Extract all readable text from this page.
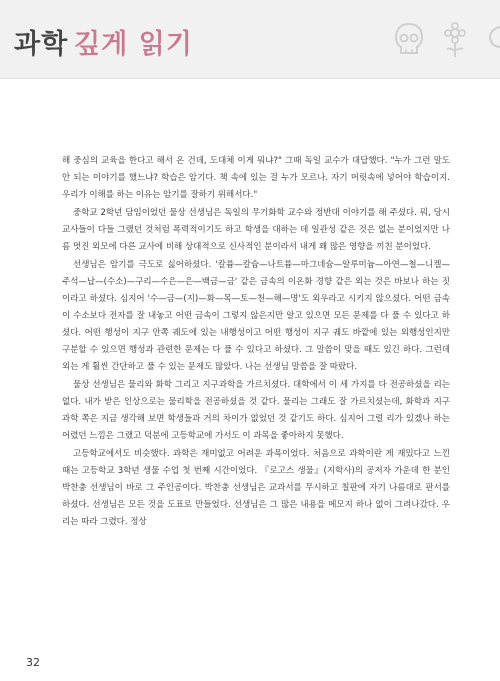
과학 깊게 읽기

해 중심의 교육을 한다고 해서 온 건데, 도대체 이게 뭐냐?" 그때 독일 교수가 대답했다. "누가 그런 말도 안 되는 이야기를 했느냐? 학습은 암기다. 책 속에 있는 걸 누가 모르나. 자기 머릿속에 넣어야 학습이지. 우리가 이해를 하는 이유는 암기를 잘하기 위해서다."

중학교 2학년 담임이었던 물상 선생님은 독일의 무기화학 교수와 정반대 이야기를 해 주셨다. 뭐, 당시 교사들이 다들 그랬던 것처럼 폭력적이기도 하고 학생을 대하는 데 일관성 같은 것은 없는 분이었지만 나름 멋진 외모에 다른 교사에 비해 상대적으로 신사적인 분이라서 내게 꽤 많은 영향을 끼친 분이었다.

선생님은 암기를 극도로 싫어하셨다. '칼륨—칼슘—나트륨—마그네슘—알루미늄—아연—철—니켈—주석—납—(수소)—구리—수은—은—백금—금' 같은 금속의 이온화 경향 같은 외는 것은 바보나 하는 짓이라고 하셨다. 심지어 '수—금—(지)—화—목—토—천—해—명'도 외우라고 시키지 않으셨다. 어떤 금속이 수소보다 전자를 잘 내놓고 어떤 금속이 그렇지 않은지만 알고 있으면 모든 문제를 다 풀 수 있다고 하셨다. 어떤 행성이 지구 안쪽 궤도에 있는 내행성이고 어떤 행성이 지구 궤도 바깥에 있는 외행성인지만 구분할 수 있으면 행성과 관련한 문제는 다 풀 수 있다고 하셨다. 그 말씀이 맞을 때도 있긴 하다. 그런데 외는 게 훨씬 간단하고 풀 수 있는 문제도 많았다. 나는 선생님 말씀을 잘 따랐다.

물상 선생님은 물리와 화학 그리고 지구과학을 가르치셨다. 대학에서 이 세 가지를 다 전공하셨을 리는 없다. 내가 받은 인상으로는 물리학을 전공하셨을 것 같다. 물리는 그래도 잘 가르치셨는데, 화학과 지구과학 쪽은 지금 생각해 보면 학생들과 거의 차이가 없었던 것 같기도 하다. 심지어 그럴 리가 있겠나 하는 어렸던 느낌은 그랬고 덕분에 고등학교에 가서도 이 과목을 좋아하지 못했다.

고등학교에서도 비슷했다. 과학은 재미없고 어려운 과목이었다. 처음으로 과학이란 게 재밌다고 느낀 때는 고등학교 3학년 생물 수업 첫 번째 시간이었다. 『로고스 생물』(지학사)의 공저자 가운데 한 분인 박찬충 선생님이 바로 그 주인공이다. 박찬충 선생님은 교과서를 무시하고 칠판에 자기 나름대로 판서를 하셨다. 선생님은 모든 것을 도표로 만들었다. 선생님은 그 많은 내용을 메모지 하나 없이 그려나갔다. 우리는 따라 그렸다. 정상

32
